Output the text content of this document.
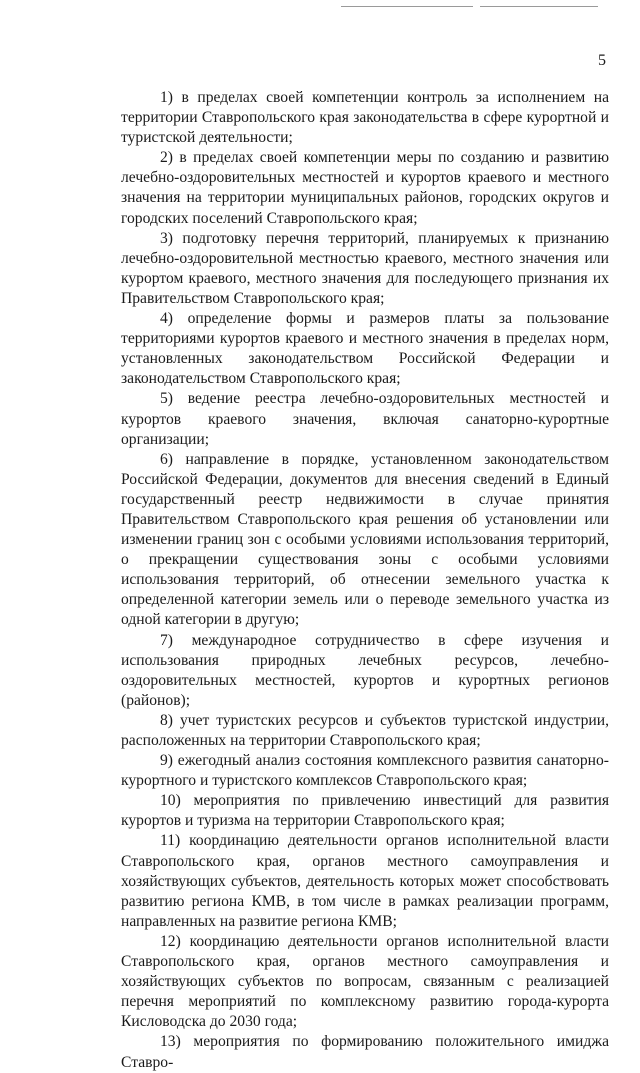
5

1) в пределах своей компетенции контроль за исполнением на территории Ставропольского края законодательства в сфере курортной и туристской деятельности;

2) в пределах своей компетенции меры по созданию и развитию лечебно-оздоровительных местностей и курортов краевого и местного значения на территории муниципальных районов, городских округов и городских поселений Ставропольского края;

3) подготовку перечня территорий, планируемых к признанию лечебно-оздоровительной местностью краевого, местного значения или курортом краевого, местного значения для последующего признания их Правительством Ставропольского края;

4) определение формы и размеров платы за пользование территориями курортов краевого и местного значения в пределах норм, установленных законодательством Российской Федерации и законодательством Ставропольского края;

5) ведение реестра лечебно-оздоровительных местностей и курортов краевого значения, включая санаторно-курортные организации;

6) направление в порядке, установленном законодательством Российской Федерации, документов для внесения сведений в Единый государственный реестр недвижимости в случае принятия Правительством Ставропольского края решения об установлении или изменении границ зон с особыми условиями использования территорий, о прекращении существования зоны с особыми условиями использования территорий, об отнесении земельного участка к определенной категории земель или о переводе земельного участка из одной категории в другую;

7) международное сотрудничество в сфере изучения и использования природных лечебных ресурсов, лечебно-оздоровительных местностей, курортов и курортных регионов (районов);

8) учет туристских ресурсов и субъектов туристской индустрии, расположенных на территории Ставропольского края;

9) ежегодный анализ состояния комплексного развития санаторно-курортного и туристского комплексов Ставропольского края;

10) мероприятия по привлечению инвестиций для развития курортов и туризма на территории Ставропольского края;

11) координацию деятельности органов исполнительной власти Ставропольского края, органов местного самоуправления и хозяйствующих субъектов, деятельность которых может способствовать развитию региона КМВ, в том числе в рамках реализации программ, направленных на развитие региона КМВ;

12) координацию деятельности органов исполнительной власти Ставропольского края, органов местного самоуправления и хозяйствующих субъектов по вопросам, связанным с реализацией перечня мероприятий по комплексному развитию города-курорта Кисловодска до 2030 года;

13) мероприятия по формированию положительного имиджа Ставро-
